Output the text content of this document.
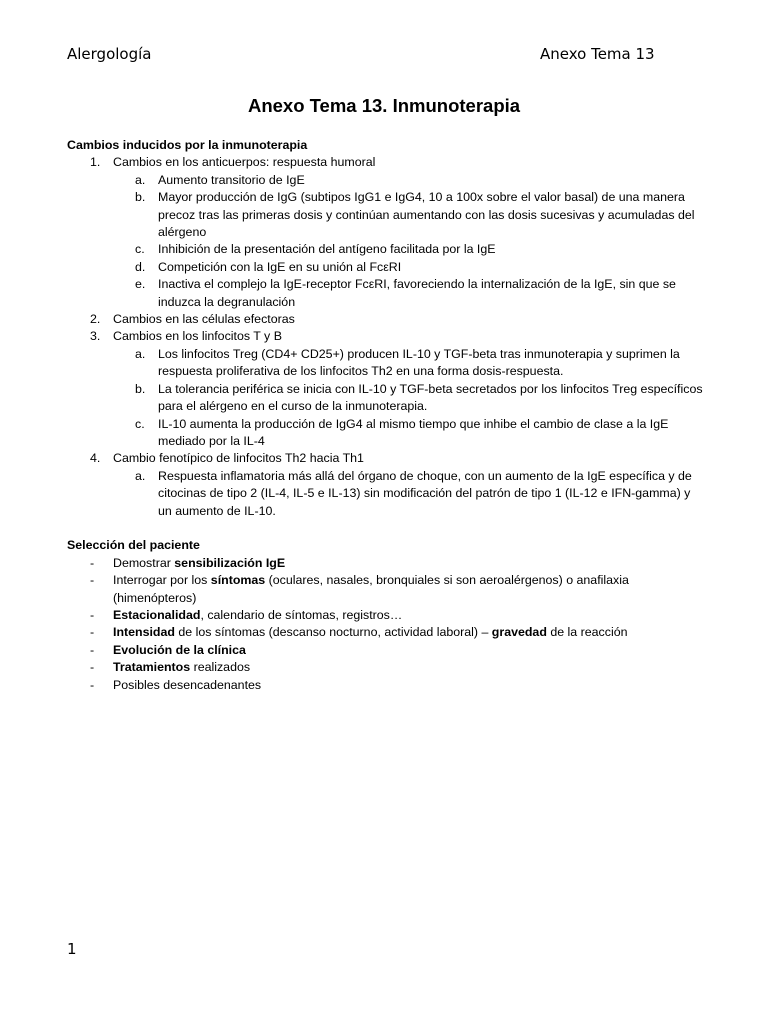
Alergología	Anexo Tema 13
Anexo Tema 13. Inmunoterapia
Cambios inducidos por la inmunoterapia
1. Cambios en los anticuerpos: respuesta humoral
a. Aumento transitorio de IgE
b. Mayor producción de IgG (subtipos IgG1 e IgG4, 10 a 100x sobre el valor basal) de una manera precoz tras las primeras dosis y continúan aumentando con las dosis sucesivas y acumuladas del alérgeno
c. Inhibición de la presentación del antígeno facilitada por la IgE
d. Competición con la IgE en su unión al FcεRI
e. Inactiva el complejo la IgE-receptor FcεRI, favoreciendo la internalización de la IgE, sin que se induzca la degranulación
2. Cambios en las células efectoras
3. Cambios en los linfocitos T y B
a. Los linfocitos Treg (CD4+ CD25+) producen IL-10 y TGF-beta tras inmunoterapia y suprimen la respuesta proliferativa de los linfocitos Th2 en una forma dosis-respuesta.
b. La tolerancia periférica se inicia con IL-10 y TGF-beta secretados por los linfocitos Treg específicos para el alérgeno en el curso de la inmunoterapia.
c. IL-10 aumenta la producción de IgG4 al mismo tiempo que inhibe el cambio de clase a la IgE mediado por la IL-4
4. Cambio fenotípico de linfocitos Th2 hacia Th1
a. Respuesta inflamatoria más allá del órgano de choque, con un aumento de la IgE específica y de citocinas de tipo 2 (IL-4, IL-5 e IL-13) sin modificación del patrón de tipo 1 (IL-12 e IFN-gamma) y un aumento de IL-10.
Selección del paciente
- Demostrar sensibilización IgE
- Interrogar por los síntomas (oculares, nasales, bronquiales si son aeroalérgenos) o anafilaxia (himenópteros)
- Estacionalidad, calendario de síntomas, registros…
- Intensidad de los síntomas (descanso nocturno, actividad laboral) – gravedad de la reacción
- Evolución de la clínica
- Tratamientos realizados
- Posibles desencadenantes
1
